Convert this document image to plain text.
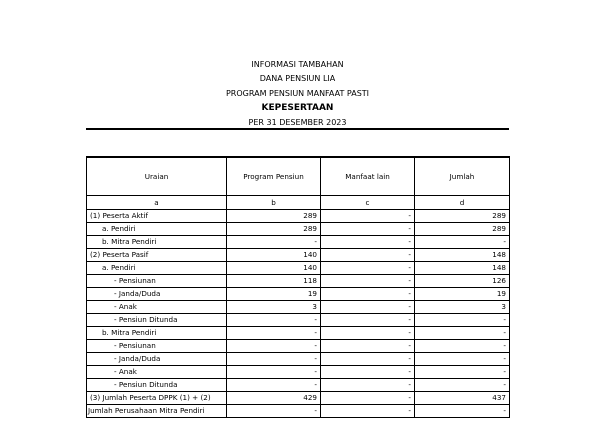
INFORMASI TAMBAHAN
DANA PENSIUN LIA
PROGRAM PENSIUN MANFAAT PASTI
KEPESERTAAN
PER 31 DESEMBER 2023
Uraian	Program Pensiun	Manfaat lain	Jumlah
a	b	c	d
(1) Peserta Aktif	289	-	289
a. Pendiri	289	-	289
b. Mitra Pendiri	-	-	-
(2) Peserta Pasif	140	-	148
a. Pendiri	140	-	148
- Pensiunan	118	-	126
- Janda/Duda	19	-	19
- Anak	3	-	3
- Pensiun Ditunda	-	-	-
b. Mitra Pendiri	-	-	-
- Pensiunan	-	-	-
- Janda/Duda	-	-	-
- Anak	-	-	-
- Pensiun Ditunda	-	-	-
(3) Jumlah Peserta DPPK (1) + (2)	429	-	437
Jumlah Perusahaan Mitra Pendiri	-	-	-
